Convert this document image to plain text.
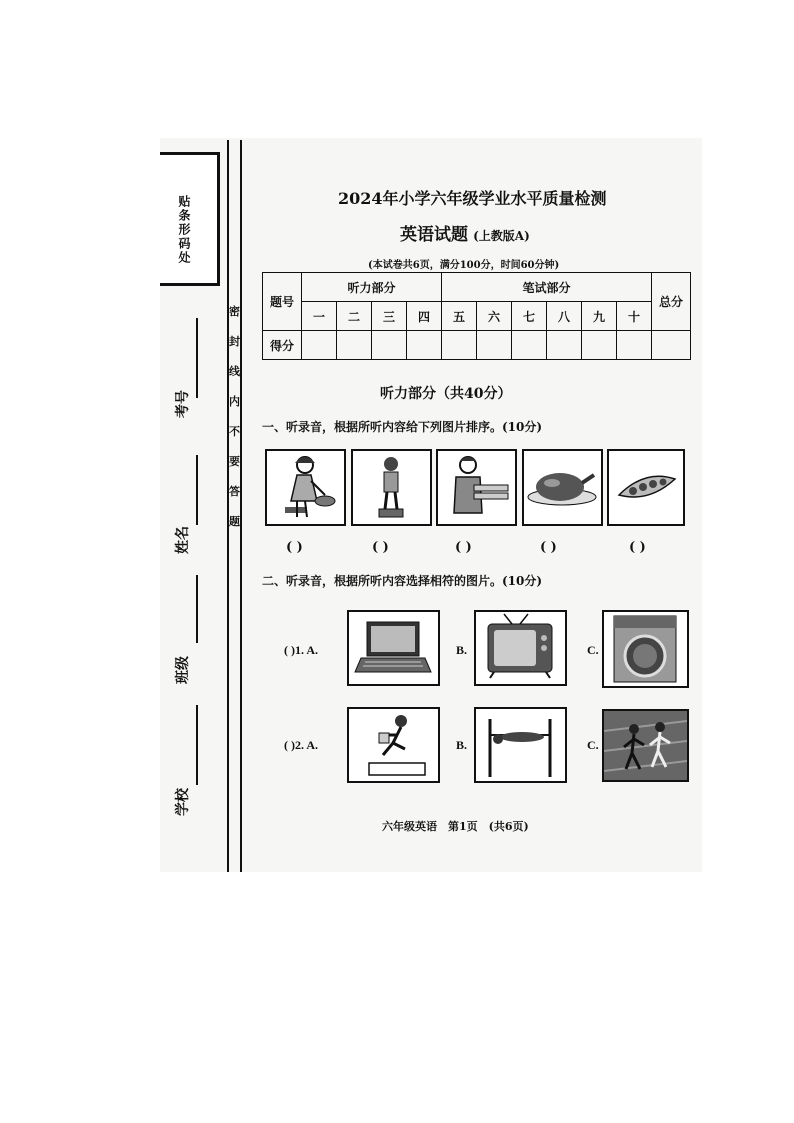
贴条形码处
密
封
线
内
不
要
答
题
考号
姓名
班级
学校
2024年小学六年级学业水平质量检测
英语试题 (上教版A)
(本试卷共6页，满分100分，时间60分钟)
题号	听力部分				笔试部分						总分
	一	二	三	四	五	六	七	八	九	十	
得分											
听力部分（共40分）
一、听录音，根据所听内容给下列图片排序。(10分)
( )	( )	( )	( )	( )
二、听录音，根据所听内容选择相符的图片。(10分)
( )1. A.	B.	C.
( )2. A.	B.	C.
六年级英语　第1页　(共6页)
